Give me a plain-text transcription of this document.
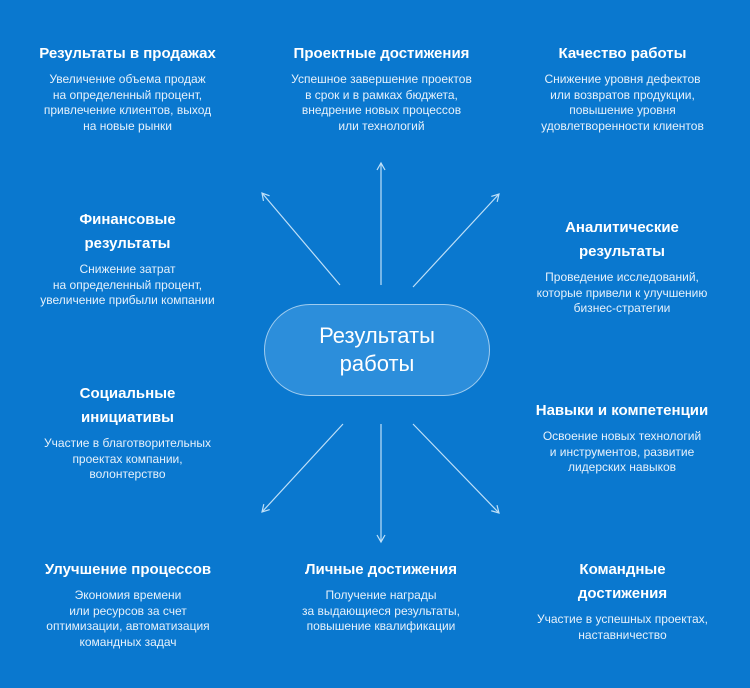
Результаты
работы
Результаты в продажах
Увеличение объема продаж
на определенный процент,
привлечение клиентов, выход
на новые рынки
Проектные достижения
Успешное завершение проектов
в срок и в рамках бюджета,
внедрение новых процессов
или технологий
Качество работы
Снижение уровня дефектов
или возвратов продукции,
повышение уровня
удовлетворенности клиентов
Финансовые
результаты
Снижение затрат
на определенный процент,
увеличение прибыли компании
Аналитические
результаты
Проведение исследований,
которые привели к улучшению
бизнес-стратегии
Социальные
инициативы
Участие в благотворительных
проектах компании,
волонтерство
Навыки и компетенции
Освоение новых технологий
и инструментов, развитие
лидерских навыков
Улучшение процессов
Экономия времени
или ресурсов за счет
оптимизации, автоматизация
командных задач
Личные достижения
Получение награды
за выдающиеся результаты,
повышение квалификации
Командные
достижения
Участие в успешных проектах,
наставничество
